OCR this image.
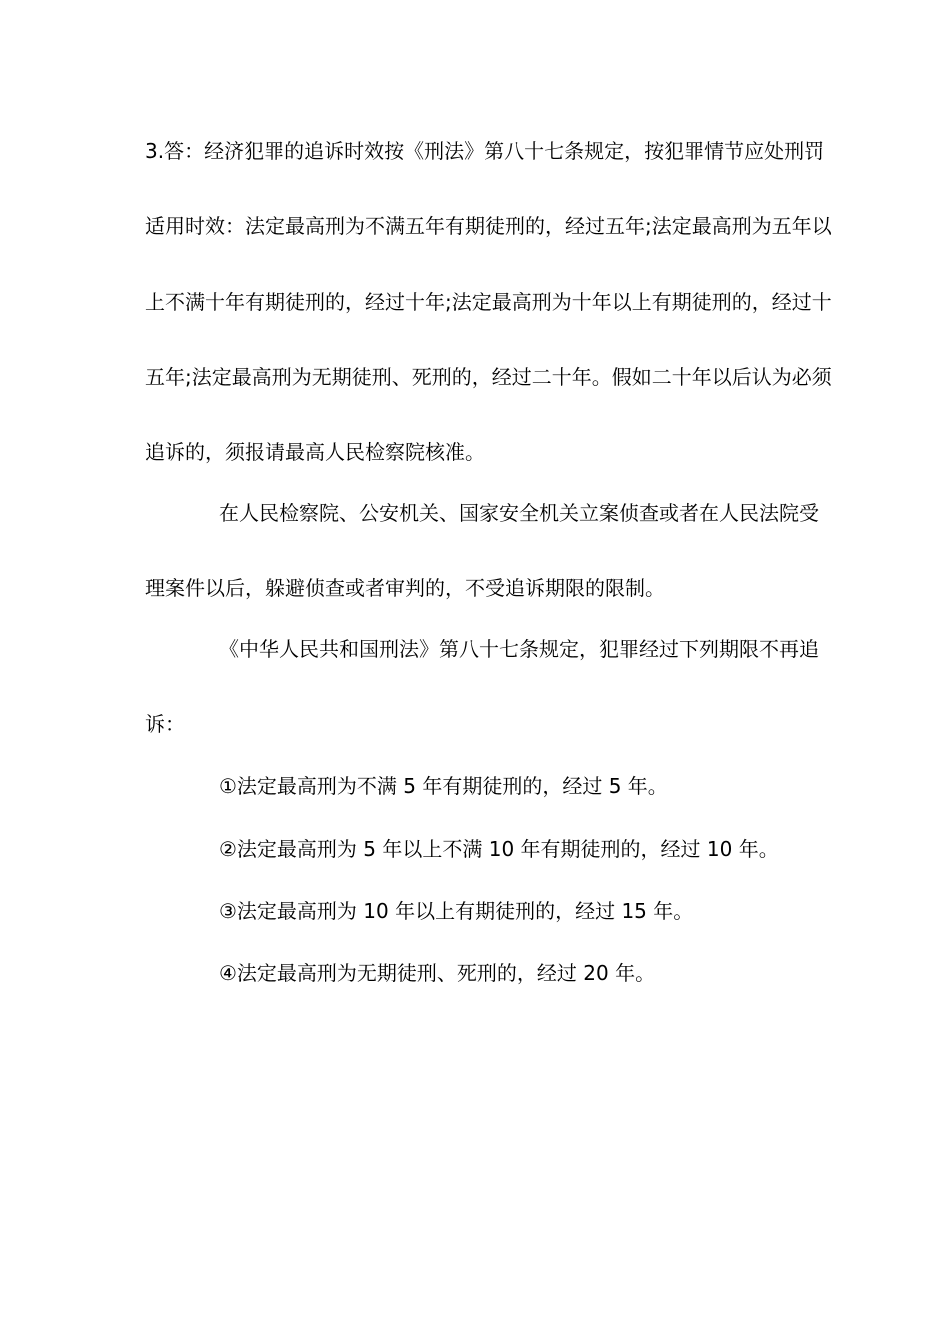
3.答：经济犯罪的追诉时效按《刑法》第八十七条规定，按犯罪情节应处刑罚
适用时效：法定最高刑为不满五年有期徒刑的，经过五年;法定最高刑为五年以
上不满十年有期徒刑的，经过十年;法定最高刑为十年以上有期徒刑的，经过十
五年;法定最高刑为无期徒刑、死刑的，经过二十年。假如二十年以后认为必须
追诉的，须报请最高人民检察院核准。
在人民检察院、公安机关、国家安全机关立案侦查或者在人民法院受
理案件以后，躲避侦查或者审判的，不受追诉期限的限制。
《中华人民共和国刑法》第八十七条规定，犯罪经过下列期限不再追
诉：
①法定最高刑为不满 5 年有期徒刑的，经过 5 年。
②法定最高刑为 5 年以上不满 10 年有期徒刑的，经过 10 年。
③法定最高刑为 10 年以上有期徒刑的，经过 15 年。
④法定最高刑为无期徒刑、死刑的，经过 20 年。
